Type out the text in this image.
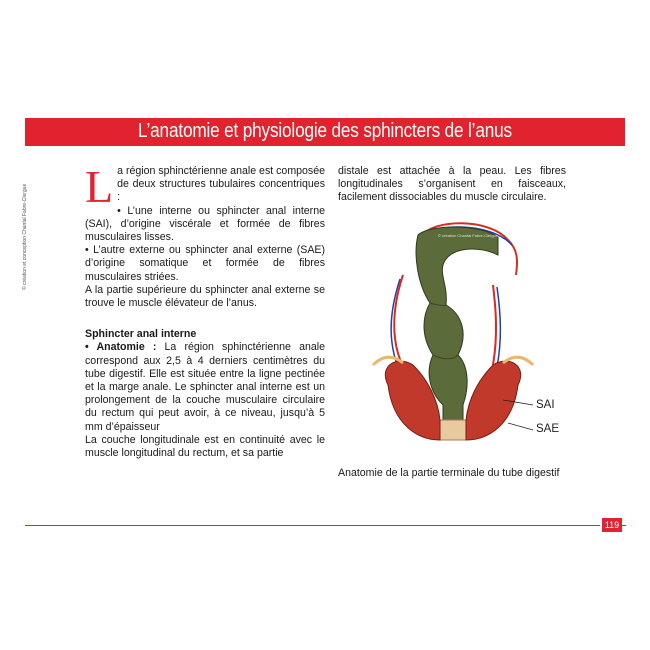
L’anatomie et physiologie des sphincters de l’anus
© création et conception Chantal Fabre-Clergue L a région sphinctérienne anale est composée de deux structures tubulaires concentriques :

• L’une interne ou sphincter anal interne (SAI), d’origine viscérale et formée de fibres musculaires lisses.

• L’autre externe ou sphincter anal externe (SAE) d’origine somatique et formée de fibres musculaires striées.

A la partie supérieure du sphincter anal externe se trouve le muscle élévateur de l’anus.

Sphincter anal interne

• Anatomie : La région sphinctérienne anale correspond aux 2,5 à 4 derniers centimètres du tube digestif. Elle est située entre la ligne pectinée et la marge anale. Le sphincter anal interne est un prolongement de la couche musculaire circulaire du rectum qui peut avoir, à ce niveau, jusqu’à 5 mm d’épaisseur

La couche longitudinale est en continuité avec le muscle longitudinal du rectum, et sa partie

distale est attachée à la peau. Les fibres longitudinales s’organisent en faisceaux, facilement dissociables du muscle circulaire.
© création Chantal Fabre-Clergue
SAI
SAE
Anatomie de la partie terminale du tube digestif
119
